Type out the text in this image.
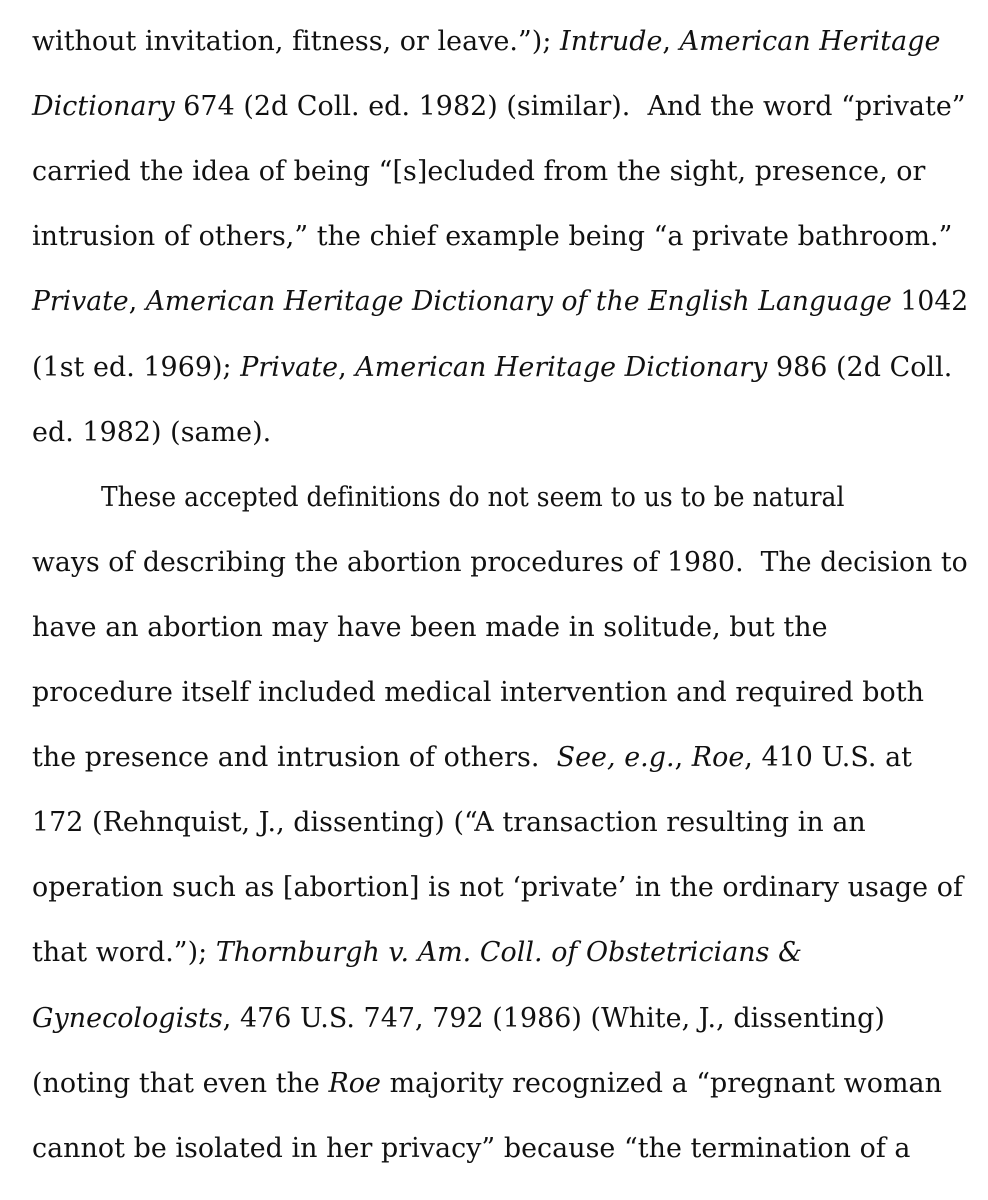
without invitation, fitness, or leave.”); Intrude, American Heritage
Dictionary 674 (2d Coll. ed. 1982) (similar).  And the word “private”
carried the idea of being “[s]ecluded from the sight, presence, or
intrusion of others,” the chief example being “a private bathroom.”
Private, American Heritage Dictionary of the English Language 1042
(1st ed. 1969); Private, American Heritage Dictionary 986 (2d Coll.
ed. 1982) (same).
These accepted definitions do not seem to us to be natural
ways of describing the abortion procedures of 1980.  The decision to
have an abortion may have been made in solitude, but the
procedure itself included medical intervention and required both
the presence and intrusion of others.  See, e.g., Roe, 410 U.S. at
172 (Rehnquist, J., dissenting) (“A transaction resulting in an
operation such as [abortion] is not ‘private’ in the ordinary usage of
that word.”); Thornburgh v. Am. Coll. of Obstetricians &
Gynecologists, 476 U.S. 747, 792 (1986) (White, J., dissenting)
(noting that even the Roe majority recognized a “pregnant woman
cannot be isolated in her privacy” because “the termination of a
